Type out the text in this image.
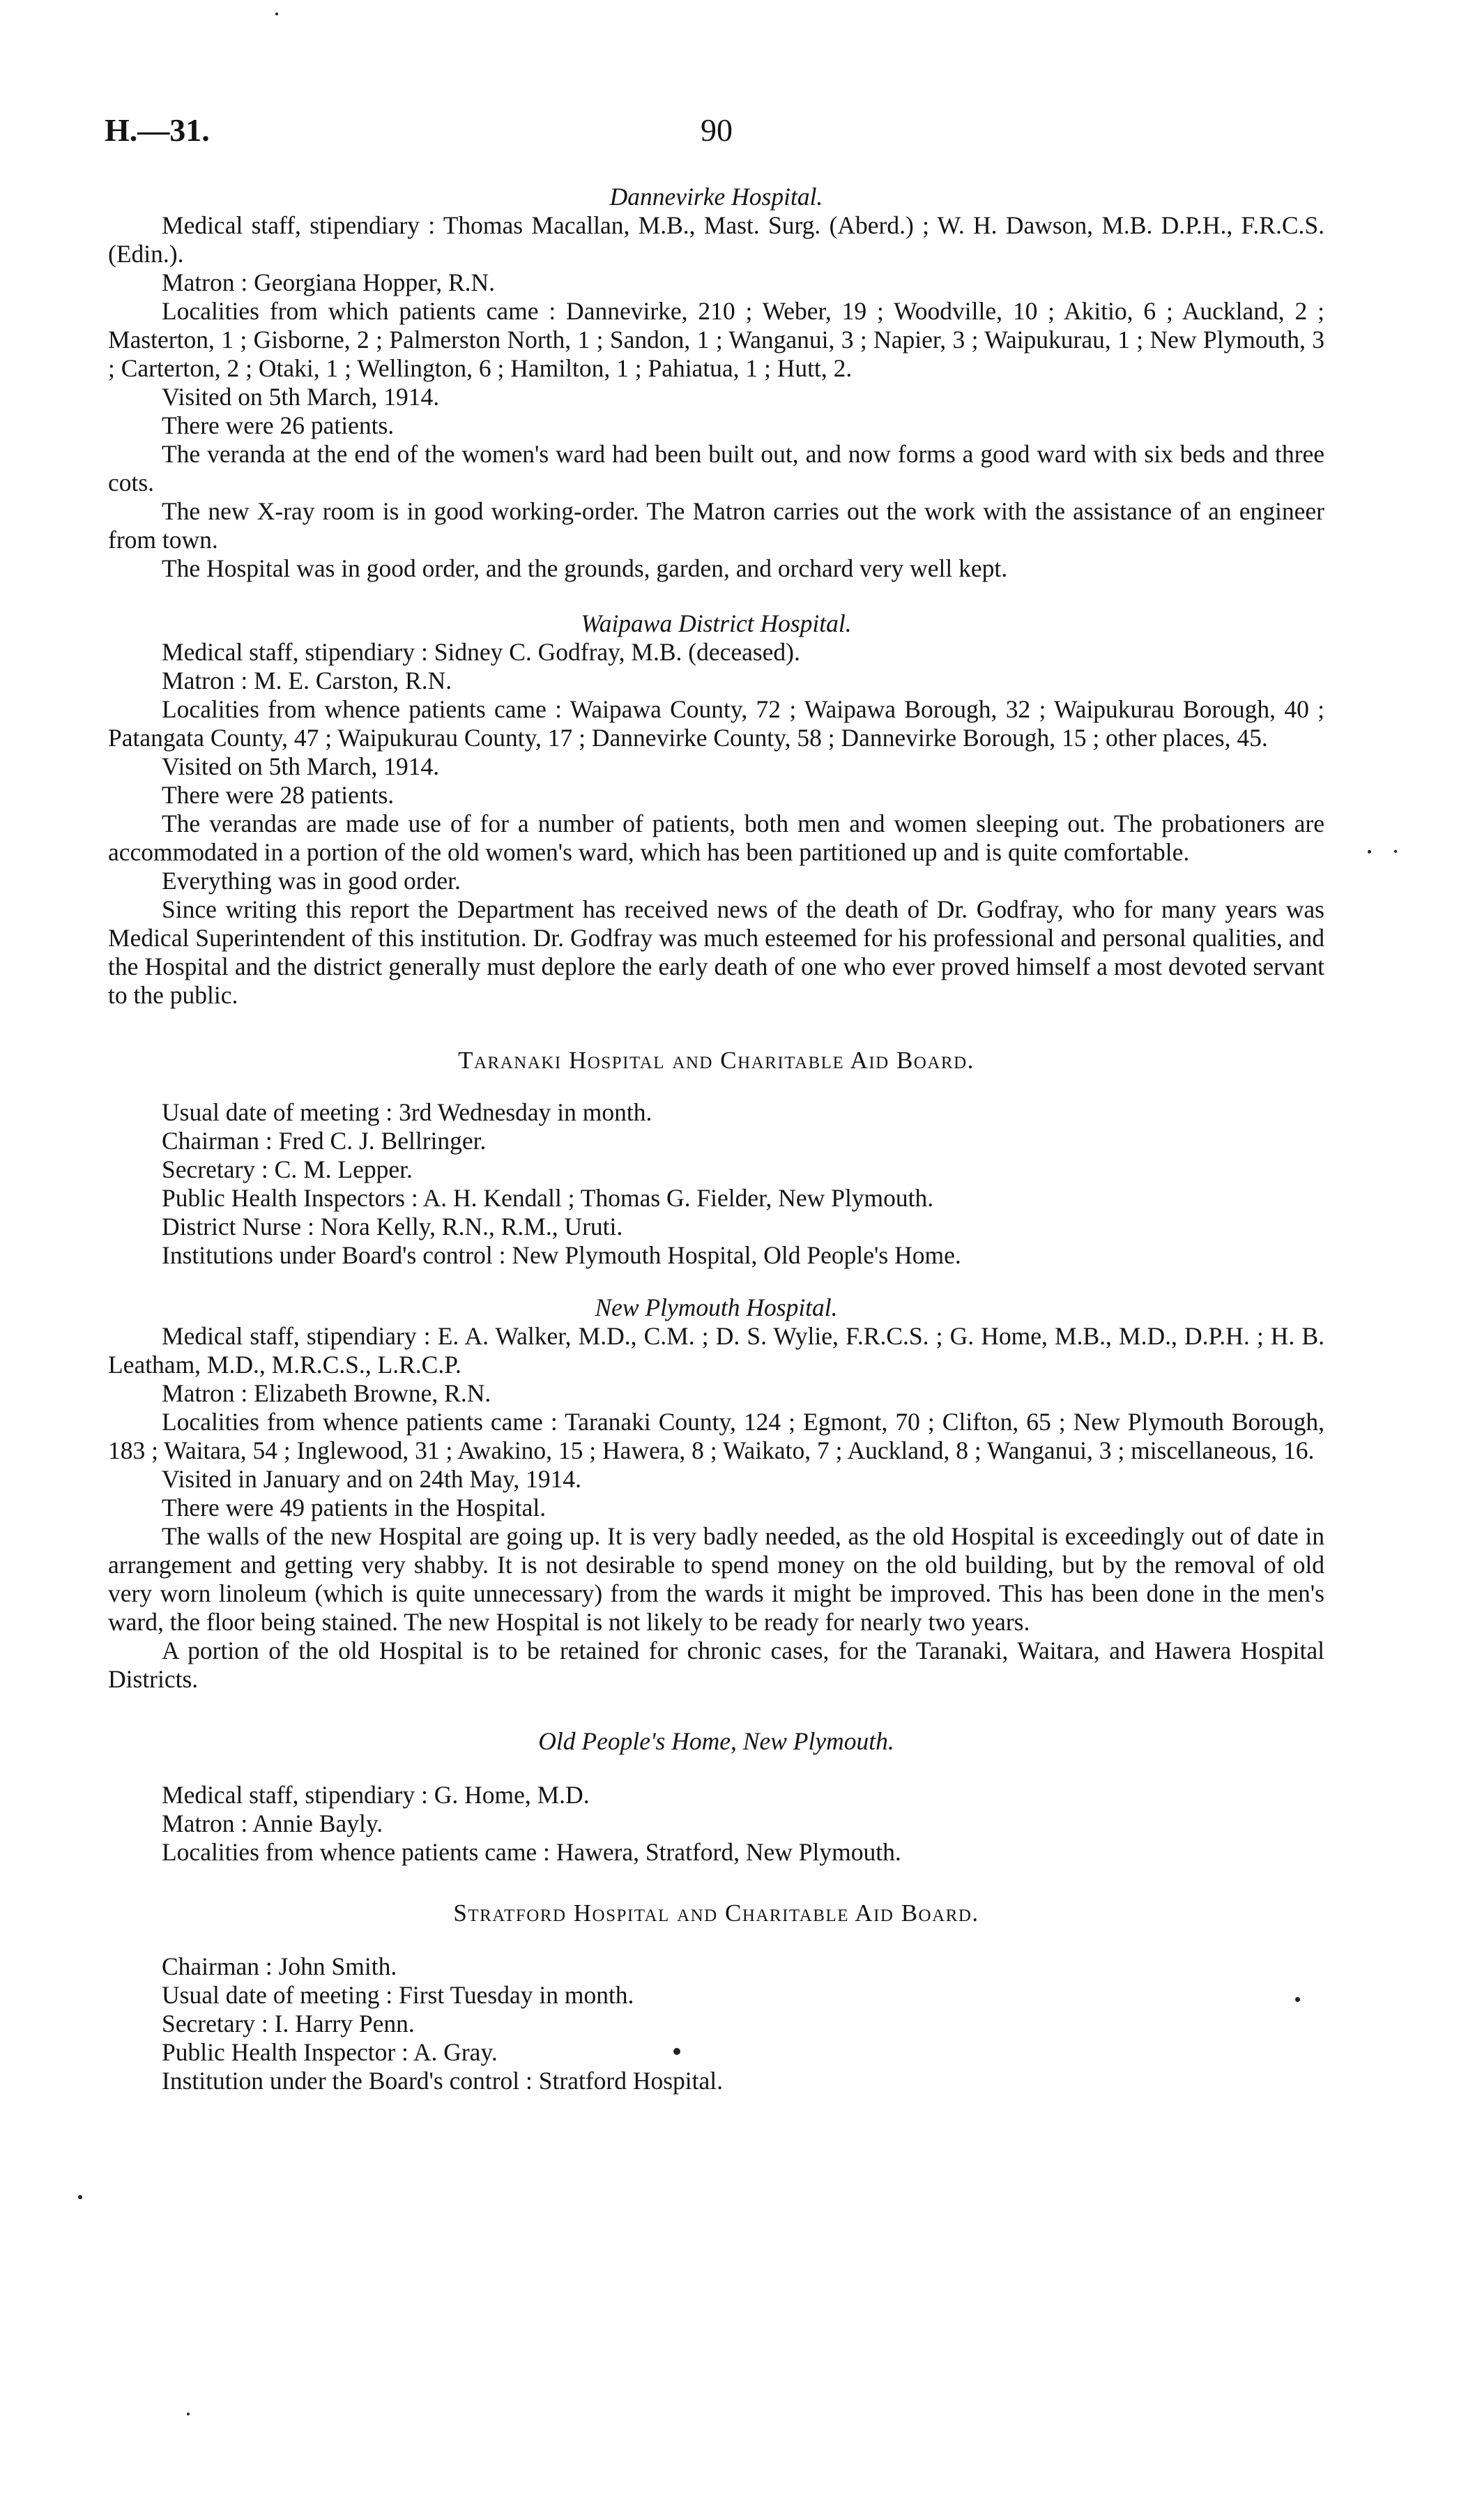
H.—31.	90
Dannevirke Hospital.

Medical staff, stipendiary : Thomas Macallan, M.B., Mast. Surg. (Aberd.) ; W. H. Dawson, M.B. D.P.H., F.R.C.S. (Edin.).

Matron : Georgiana Hopper, R.N.

Localities from which patients came : Dannevirke, 210 ; Weber, 19 ; Woodville, 10 ; Akitio, 6 ; Auckland, 2 ; Masterton, 1 ; Gisborne, 2 ; Palmerston North, 1 ; Sandon, 1 ; Wanganui, 3 ; Napier, 3 ; Waipukurau, 1 ; New Plymouth, 3 ; Carterton, 2 ; Otaki, 1 ; Wellington, 6 ; Hamilton, 1 ; Pahiatua, 1 ; Hutt, 2.

Visited on 5th March, 1914.

There were 26 patients.

The veranda at the end of the women's ward had been built out, and now forms a good ward with six beds and three cots.

The new X-ray room is in good working-order. The Matron carries out the work with the assistance of an engineer from town.

The Hospital was in good order, and the grounds, garden, and orchard very well kept.

Waipawa District Hospital.

Medical staff, stipendiary : Sidney C. Godfray, M.B. (deceased).

Matron : M. E. Carston, R.N.

Localities from whence patients came : Waipawa County, 72 ; Waipawa Borough, 32 ; Waipukurau Borough, 40 ; Patangata County, 47 ; Waipukurau County, 17 ; Dannevirke County, 58 ; Dannevirke Borough, 15 ; other places, 45.

Visited on 5th March, 1914.

There were 28 patients.

The verandas are made use of for a number of patients, both men and women sleeping out. The probationers are accommodated in a portion of the old women's ward, which has been partitioned up and is quite comfortable.

Everything was in good order.

Since writing this report the Department has received news of the death of Dr. Godfray, who for many years was Medical Superintendent of this institution. Dr. Godfray was much esteemed for his professional and personal qualities, and the Hospital and the district generally must deplore the early death of one who ever proved himself a most devoted servant to the public.

Taranaki Hospital and Charitable Aid Board.

Usual date of meeting : 3rd Wednesday in month.

Chairman : Fred C. J. Bellringer.

Secretary : C. M. Lepper.

Public Health Inspectors : A. H. Kendall ; Thomas G. Fielder, New Plymouth.

District Nurse : Nora Kelly, R.N., R.M., Uruti.

Institutions under Board's control : New Plymouth Hospital, Old People's Home.

New Plymouth Hospital.

Medical staff, stipendiary : E. A. Walker, M.D., C.M. ; D. S. Wylie, F.R.C.S. ; G. Home, M.B., M.D., D.P.H. ; H. B. Leatham, M.D., M.R.C.S., L.R.C.P.

Matron : Elizabeth Browne, R.N.

Localities from whence patients came : Taranaki County, 124 ; Egmont, 70 ; Clifton, 65 ; New Plymouth Borough, 183 ; Waitara, 54 ; Inglewood, 31 ; Awakino, 15 ; Hawera, 8 ; Waikato, 7 ; Auckland, 8 ; Wanganui, 3 ; miscellaneous, 16.

Visited in January and on 24th May, 1914.

There were 49 patients in the Hospital.

The walls of the new Hospital are going up. It is very badly needed, as the old Hospital is exceedingly out of date in arrangement and getting very shabby. It is not desirable to spend money on the old building, but by the removal of old very worn linoleum (which is quite unnecessary) from the wards it might be improved. This has been done in the men's ward, the floor being stained. The new Hospital is not likely to be ready for nearly two years.

A portion of the old Hospital is to be retained for chronic cases, for the Taranaki, Waitara, and Hawera Hospital Districts.

Old People's Home, New Plymouth.

Medical staff, stipendiary : G. Home, M.D.

Matron : Annie Bayly.

Localities from whence patients came : Hawera, Stratford, New Plymouth.

Stratford Hospital and Charitable Aid Board.

Chairman : John Smith.

Usual date of meeting : First Tuesday in month.

Secretary : I. Harry Penn.

Public Health Inspector : A. Gray.

Institution under the Board's control : Stratford Hospital.
